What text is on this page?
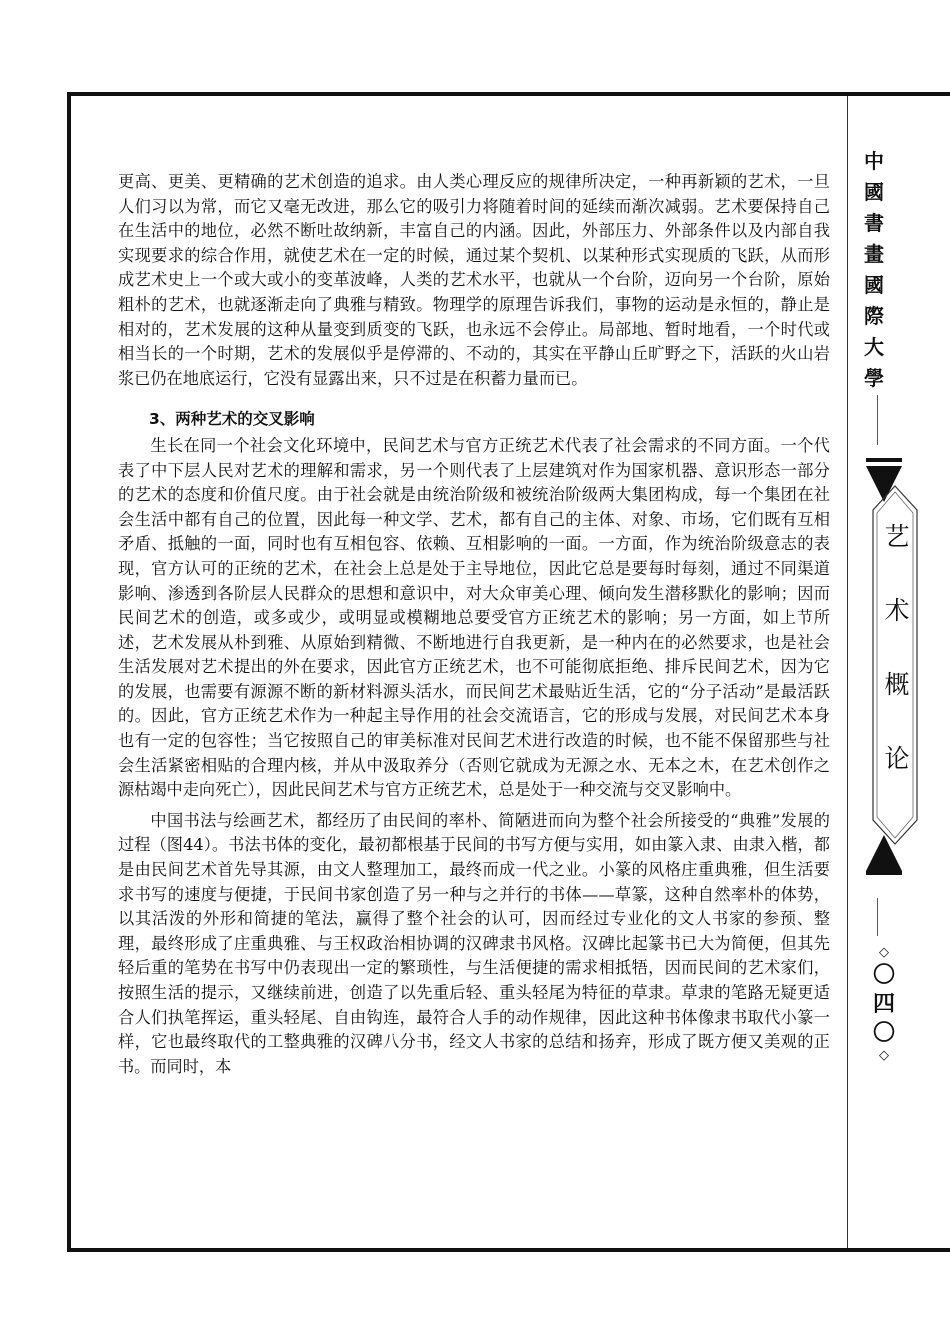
更高、更美、更精确的艺术创造的追求。由人类心理反应的规律所决定，一种再新颖的艺术，一旦人们习以为常，而它又毫无改进，那么它的吸引力将随着时间的延续而渐次减弱。艺术要保持自己在生活中的地位，必然不断吐故纳新，丰富自己的内涵。因此，外部压力、外部条件以及内部自我实现要求的综合作用，就使艺术在一定的时候，通过某个契机、以某种形式实现质的飞跃，从而形成艺术史上一个或大或小的变革波峰，人类的艺术水平，也就从一个台阶，迈向另一个台阶，原始粗朴的艺术，也就逐渐走向了典雅与精致。物理学的原理告诉我们，事物的运动是永恒的，静止是相对的，艺术发展的这种从量变到质变的飞跃，也永远不会停止。局部地、暂时地看，一个时代或相当长的一个时期，艺术的发展似乎是停滞的、不动的，其实在平静山丘旷野之下，活跃的火山岩浆已仍在地底运行，它没有显露出来，只不过是在积蓄力量而已。

3、两种艺术的交叉影响

生长在同一个社会文化环境中，民间艺术与官方正统艺术代表了社会需求的不同方面。一个代表了中下层人民对艺术的理解和需求，另一个则代表了上层建筑对作为国家机器、意识形态一部分的艺术的态度和价值尺度。由于社会就是由统治阶级和被统治阶级两大集团构成，每一个集团在社会生活中都有自己的位置，因此每一种文学、艺术，都有自己的主体、对象、市场，它们既有互相矛盾、抵触的一面，同时也有互相包容、依赖、互相影响的一面。一方面，作为统治阶级意志的表现，官方认可的正统的艺术，在社会上总是处于主导地位，因此它总是要每时每刻，通过不同渠道影响、渗透到各阶层人民群众的思想和意识中，对大众审美心理、倾向发生潜移默化的影响；因而民间艺术的创造，或多或少，或明显或模糊地总要受官方正统艺术的影响；另一方面，如上节所述，艺术发展从朴到雅、从原始到精微、不断地进行自我更新，是一种内在的必然要求，也是社会生活发展对艺术提出的外在要求，因此官方正统艺术，也不可能彻底拒绝、排斥民间艺术，因为它的发展，也需要有源源不断的新材料源头活水，而民间艺术最贴近生活，它的“分子活动”是最活跃的。因此，官方正统艺术作为一种起主导作用的社会交流语言，它的形成与发展，对民间艺术本身也有一定的包容性；当它按照自己的审美标准对民间艺术进行改造的时候，也不能不保留那些与社会生活紧密相贴的合理内核，并从中汲取养分（否则它就成为无源之水、无本之木，在艺术创作之源枯竭中走向死亡），因此民间艺术与官方正统艺术，总是处于一种交流与交叉影响中。

中国书法与绘画艺术，都经历了由民间的率朴、简陋进而向为整个社会所接受的“典雅”发展的过程（图44）。书法书体的变化，最初都根基于民间的书写方便与实用，如由篆入隶、由隶入楷，都是由民间艺术首先导其源，由文人整理加工，最终而成一代之业。小篆的风格庄重典雅，但生活要求书写的速度与便捷，于民间书家创造了另一种与之并行的书体——草篆，这种自然率朴的体势，以其活泼的外形和简捷的笔法，赢得了整个社会的认可，因而经过专业化的文人书家的参预、整理，最终形成了庄重典雅、与王权政治相协调的汉碑隶书风格。汉碑比起篆书已大为简便，但其先轻后重的笔势在书写中仍表现出一定的繁琐性，与生活便捷的需求相抵牾，因而民间的艺术家们，按照生活的提示，又继续前进，创造了以先重后轻、重头轻尾为特征的草隶。草隶的笔路无疑更适合人们执笔挥运，重头轻尾、自由钩连，最符合人手的动作规律，因此这种书体像隶书取代小篆一样，它也最终取代的工整典雅的汉碑八分书，经文人书家的总结和扬弃，形成了既方便又美观的正书。而同时，本

中
國
書
畫
國
際
大
學
艺
术
概
论
◇
〇
四
〇
◇
